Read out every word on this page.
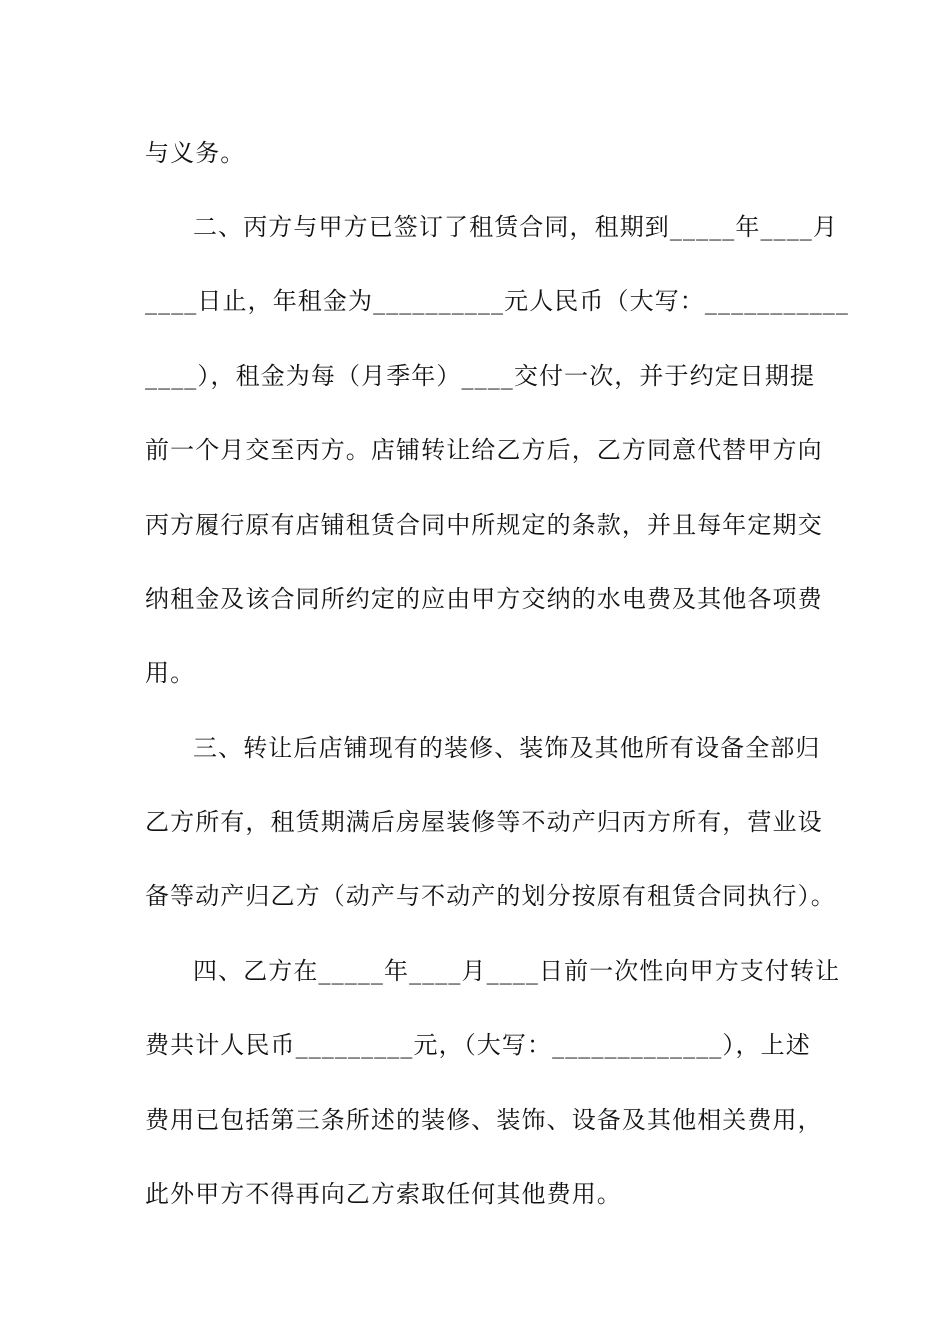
与义务。
二、丙方与甲方已签订了租赁合同，租期到_____年____月
____日止，年租金为__________元人民币（大写：___________
____），租金为每（月季年）____交付一次，并于约定日期提
前一个月交至丙方。店铺转让给乙方后，乙方同意代替甲方向
丙方履行原有店铺租赁合同中所规定的条款，并且每年定期交
纳租金及该合同所约定的应由甲方交纳的水电费及其他各项费
用。
三、转让后店铺现有的装修、装饰及其他所有设备全部归
乙方所有，租赁期满后房屋装修等不动产归丙方所有，营业设
备等动产归乙方（动产与不动产的划分按原有租赁合同执行）。
四、乙方在_____年____月____日前一次性向甲方支付转让
费共计人民币_________元，（大写：_____________），上述
费用已包括第三条所述的装修、装饰、设备及其他相关费用，
此外甲方不得再向乙方索取任何其他费用。
